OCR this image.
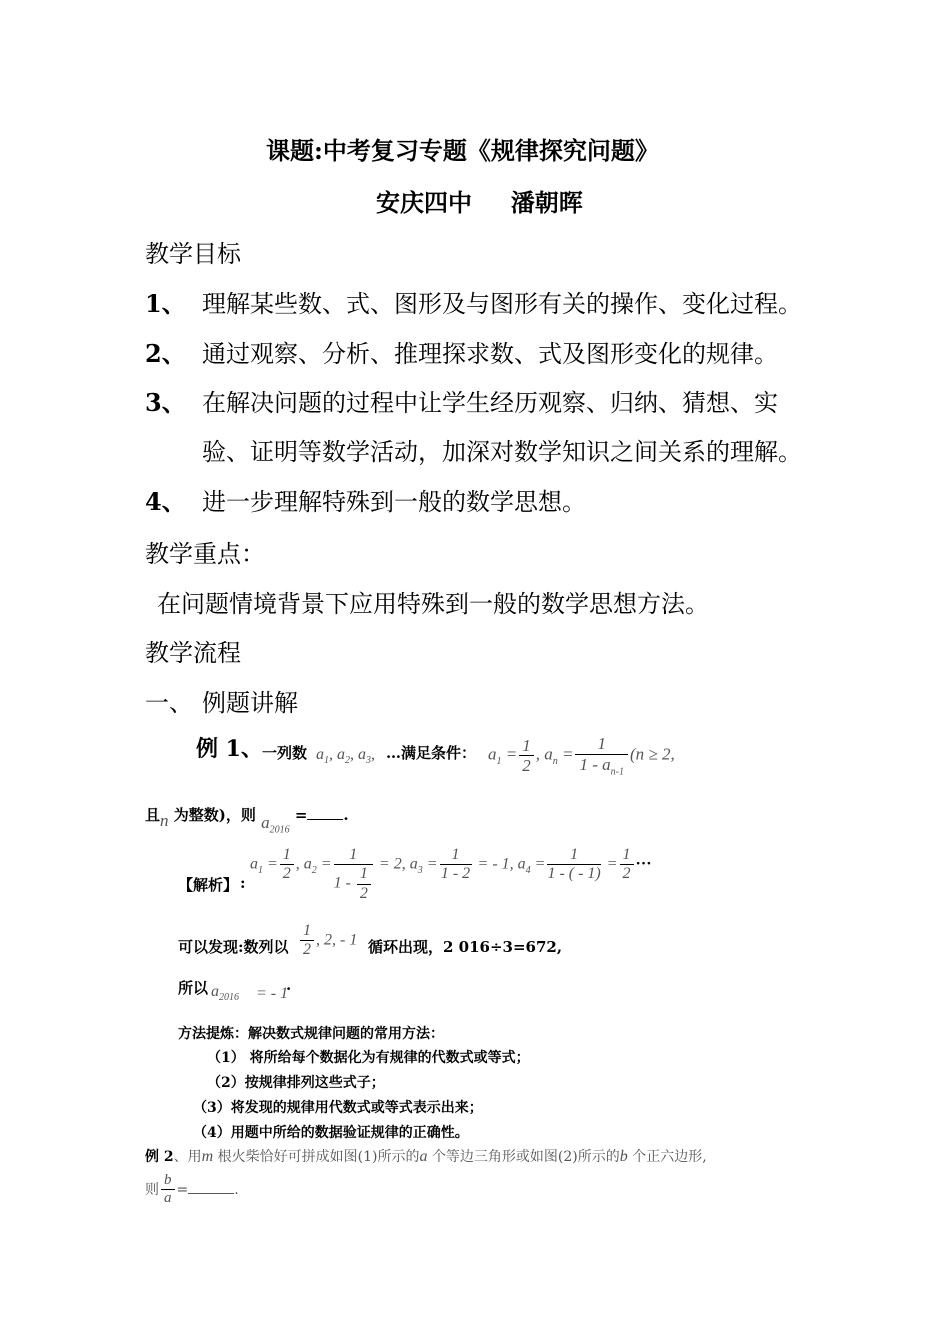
课题:中考复习专题《规律探究问题》
安庆四中 潘朝晖
教学目标
1、 理解某些数、式、图形及与图形有关的操作、变化过程。
2、 通过观察、分析、推理探求数、式及图形变化的规律。
3、 在解决问题的过程中让学生经历观察、归纳、猜想、实
验、证明等数学活动，加深对数学知识之间关系的理解。
4、 进一步理解特殊到一般的数学思想。
教学重点：
在问题情境背景下应用特殊到一般的数学思想方法。
教学流程
一、 例题讲解
例 1、 一列数 $a_1$, $a_2$, $a_3$, …满足条件： $a_1 = \frac{1}{2}$ , $a_n = \frac{1}{1 - a_{n-1}} (n \ge 2$,
且n 为整数)，则 $a_{2016}$ = .
【解析】 :
$a_1 = \frac{1}{2}$ , $a_2 = \frac{1}{1 - \frac{1}{2}} = 2$, $a_3 = \frac{1}{1 - 2}$ = - 1, $a_4 = \frac{1}{1 - ( - 1)} = \frac{1}{2}$ ···
可以发现:数列以 $\frac{1}{2}$ , 2, - 1 循环出现，2 016÷3=672,
所以 $a_{2016}$ = - 1
·
方法提炼：解决数式规律问题的常用方法：
（1） 将所给每个数据化为有规律的代数式或等式；
（2）按规律排列这些式子；
（3）将发现的规律用代数式或等式表示出来；
（4）用题中所给的数据验证规律的正确性。
例 2、用m 根火柴恰好可拼成如图(1)所示的a 个等边三角形或如图(2)所示的b 个正六边形,
则 $\frac{b}{a}$ =	.
